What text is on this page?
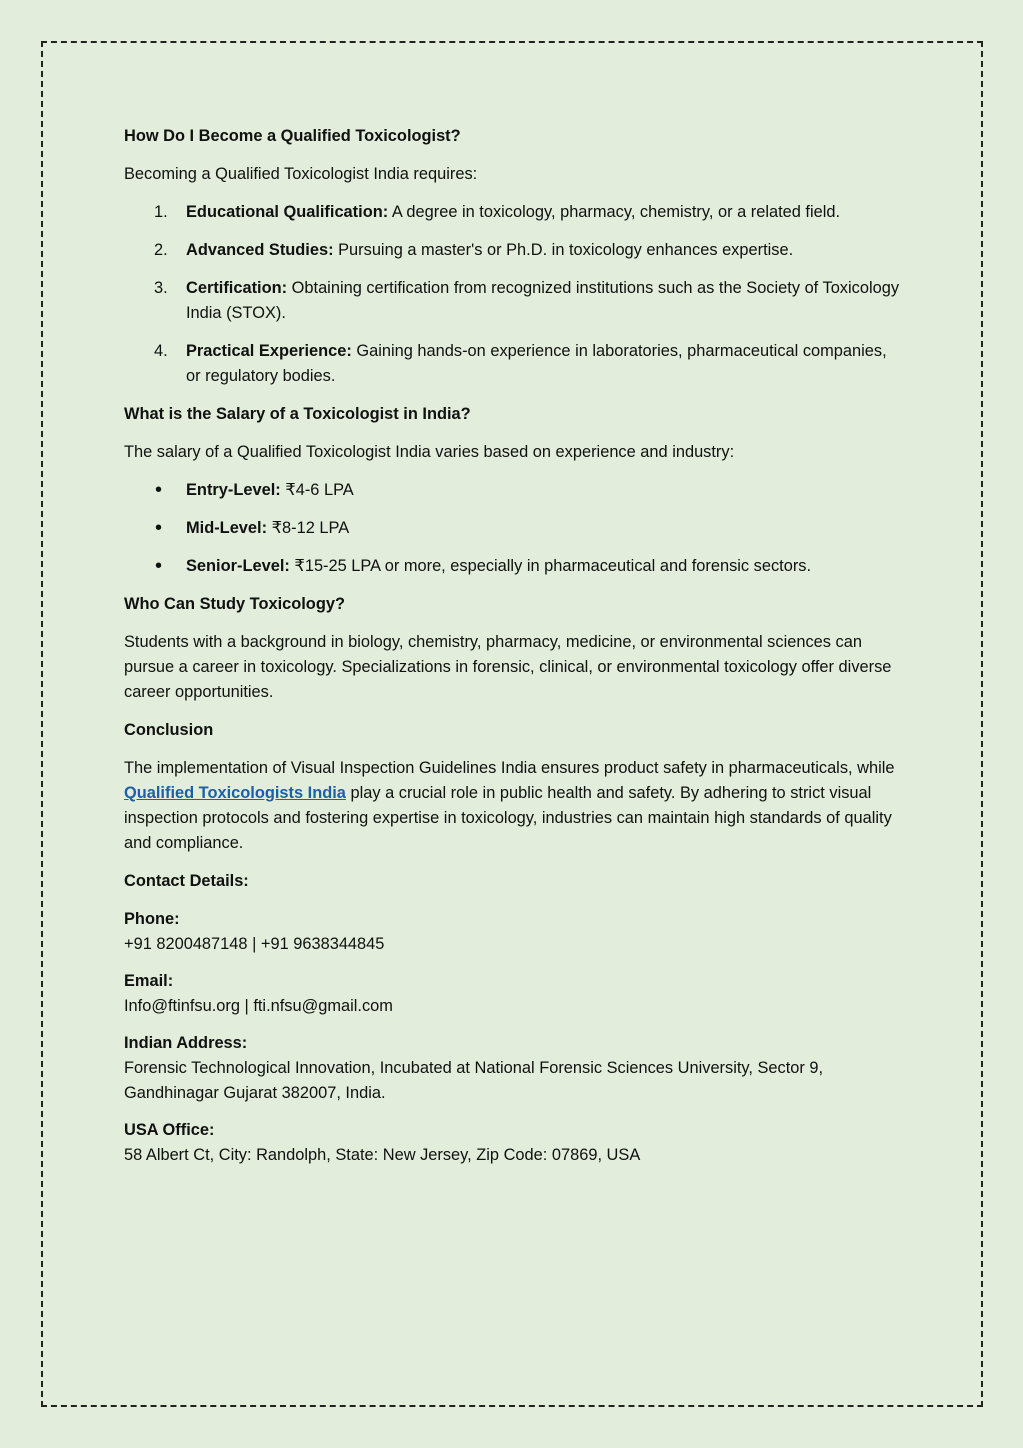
How Do I Become a Qualified Toxicologist?
Becoming a Qualified Toxicologist India requires:
1. Educational Qualification: A degree in toxicology, pharmacy, chemistry, or a related field.
2. Advanced Studies: Pursuing a master's or Ph.D. in toxicology enhances expertise.
3. Certification: Obtaining certification from recognized institutions such as the Society of Toxicology India (STOX).
4. Practical Experience: Gaining hands-on experience in laboratories, pharmaceutical companies, or regulatory bodies.
What is the Salary of a Toxicologist in India?
The salary of a Qualified Toxicologist India varies based on experience and industry:
• Entry-Level: ₹4-6 LPA
• Mid-Level: ₹8-12 LPA
• Senior-Level: ₹15-25 LPA or more, especially in pharmaceutical and forensic sectors.
Who Can Study Toxicology?
Students with a background in biology, chemistry, pharmacy, medicine, or environmental sciences can pursue a career in toxicology. Specializations in forensic, clinical, or environmental toxicology offer diverse career opportunities.
Conclusion
The implementation of Visual Inspection Guidelines India ensures product safety in pharmaceuticals, while Qualified Toxicologists India play a crucial role in public health and safety. By adhering to strict visual inspection protocols and fostering expertise in toxicology, industries can maintain high standards of quality and compliance.
Contact Details:
Phone:
+91 8200487148 | +91 9638344845
Email:
Info@ftinfsu.org | fti.nfsu@gmail.com
Indian Address:
Forensic Technological Innovation, Incubated at National Forensic Sciences University, Sector 9, Gandhinagar Gujarat 382007, India.
USA Office:
58 Albert Ct, City: Randolph, State: New Jersey, Zip Code: 07869, USA
